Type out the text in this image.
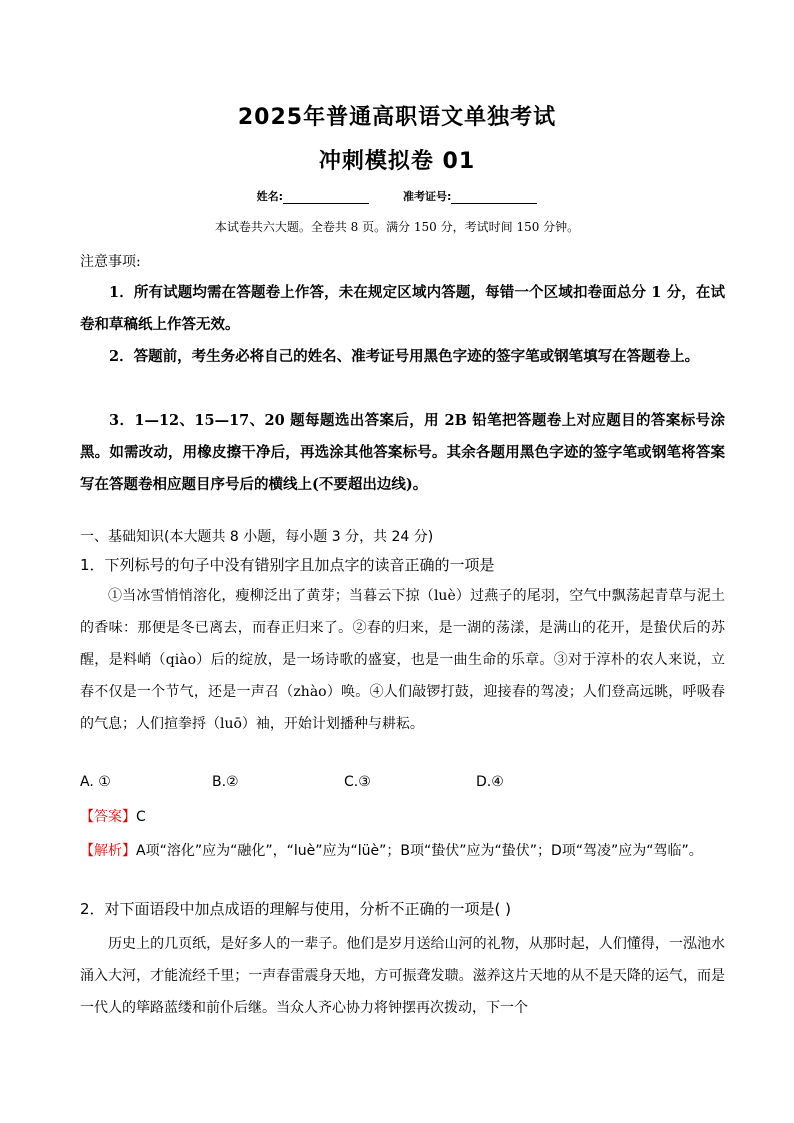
2025年普通高职语文单独考试
冲刺模拟卷 01
姓名:	准考证号:
本试卷共六大题。全卷共 8 页。满分 150 分，考试时间 150 分钟。
注意事项:

1．所有试题均需在答题卷上作答，未在规定区域内答题，每错一个区域扣卷面总分 1 分，在试卷和草稿纸上作答无效。

2．答题前，考生务必将自己的姓名、准考证号用黑色字迹的签字笔或钢笔填写在答题卷上。

3．1—12、15—17、20 题每题选出答案后，用 2B 铅笔把答题卷上对应题目的答案标号涂黑。如需改动，用橡皮擦干净后，再选涂其他答案标号。其余各题用黑色字迹的签字笔或钢笔将答案写在答题卷相应题目序号后的横线上(不要超出边线)。

一、基础知识(本大题共 8 小题，每小题 3 分，共 24 分)
1．下列标号的句子中没有错别字且加点字的读音正确的一项是

①当冰雪悄悄溶化，瘦柳泛出了黄芽；当暮云下掠（luè）过燕子的尾羽，空气中飘荡起青草与泥土的香味：那便是冬已离去，而春正归来了。②春的归来，是一湖的荡漾，是满山的花开，是蛰伏后的苏醒，是料峭（qiào）后的绽放，是一场诗歌的盛宴，也是一曲生命的乐章。③对于淳朴的农人来说，立春不仅是一个节气，还是一声召（zhào）唤。④人们敲锣打鼓，迎接春的驾凌；人们登高远眺，呼吸春的气息；人们揎拳捋（luō）袖，开始计划播种与耕耘。

A. ①	B.②	C.③	D.④
【答案】C

【解析】A项“溶化”应为“融化”，“luè”应为“lüè”；B项“蛰伏”应为“蛰伏”；D项“驾凌”应为“驾临”。

2．对下面语段中加点成语的理解与使用，分析不正确的一项是( )

历史上的几页纸，是好多人的一辈子。他们是岁月送给山河的礼物，从那时起，人们懂得，一泓池水涌入大河，才能流经千里；一声春雷震身天地，方可振聋发聩。滋养这片天地的从不是天降的运气，而是一代人的筚路蓝缕和前仆后继。当众人齐心协力将钟摆再次拨动，下一个
